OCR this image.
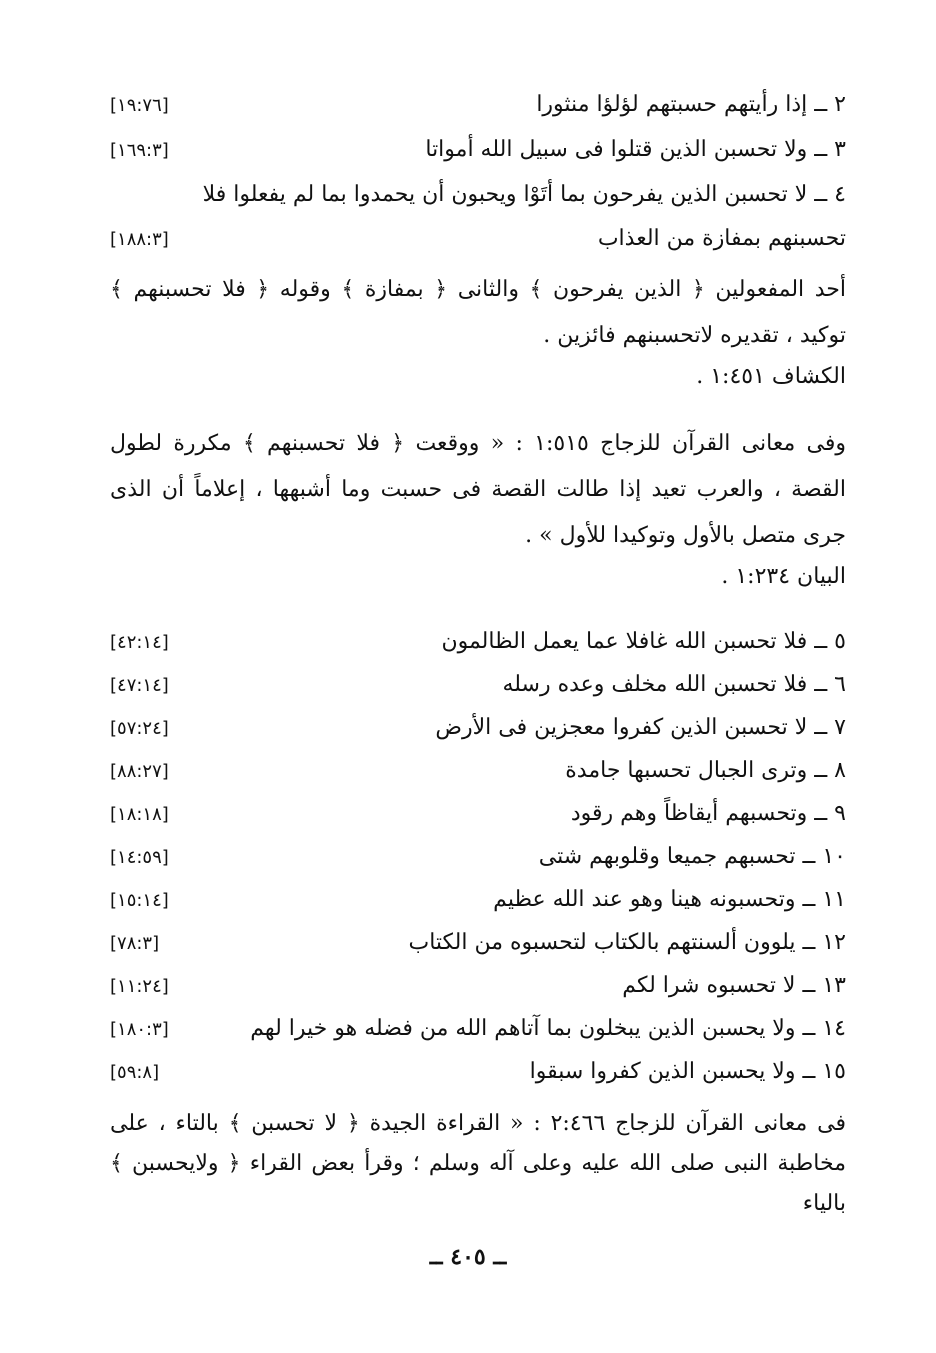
٢ ــ إذا رأيتهم حسبتهم لؤلؤا منثورا
[١٩:٧٦]
٣ ــ ولا تحسبن الذين قتلوا فى سبيل الله أمواتا
[١٦٩:٣]
٤ ــ لا تحسبن الذين يفرحون بما أتَوْا ويحبون أن يحمدوا بما لم يفعلوا فلا
تحسبنهم بمفازة من العذاب
[١٨٨:٣]
أحد المفعولين ﴿ الذين يفرحون ﴾ والثانى ﴿ بمفازة ﴾ وقوله ﴿ فلا تحسبنهم ﴾ توكيد ، تقديره لاتحسبنهم فائزين .
الكشاف ١:٤٥١ .
وفى معانى القرآن للزجاج ١:٥١٥ : « ووقعت ﴿ فلا تحسبنهم ﴾ مكررة لطول القصة ، والعرب تعيد إذا طالت القصة فى حسبت وما أشبهها ، إعلاماً أن الذى جرى متصل بالأول وتوكيدا للأول » .
البيان ١:٢٣٤ .
٥ ــ فلا تحسبن الله غافلا عما يعمل الظالمون
[٤٢:١٤]
٦ ــ فلا تحسبن الله مخلف وعده رسله
[٤٧:١٤]
٧ ــ لا تحسبن الذين كفروا معجزين فى الأرض
[٥٧:٢٤]
٨ ــ وترى الجبال تحسبها جامدة
[٨٨:٢٧]
٩ ــ وتحسبهم أيقاظاً وهم رقود
[١٨:١٨]
١٠ ــ تحسبهم جميعا وقلوبهم شتى
[١٤:٥٩]
١١ ــ وتحسبونه هينا وهو عند الله عظيم
[١٥:١٤]
١٢ ــ يلوون ألسنتهم بالكتاب لتحسبوه من الكتاب
[٧٨:٣]
١٣ ــ لا تحسبوه شرا لكم
[١١:٢٤]
١٤ ــ ولا يحسبن الذين يبخلون بما آتاهم الله من فضله هو خيرا لهم
[١٨٠:٣]
١٥ ــ ولا يحسبن الذين كفروا سبقوا
[٥٩:٨]
فى معانى القرآن للزجاج ٢:٤٦٦ : « القراءة الجيدة ﴿ لا تحسبن ﴾ بالتاء ، على مخاطبة النبى صلى الله عليه وعلى آله وسلم ؛ وقرأ بعض القراء ﴿ ولايحسبن ﴾ بالياء
ــ ٤٠٥ ــ
